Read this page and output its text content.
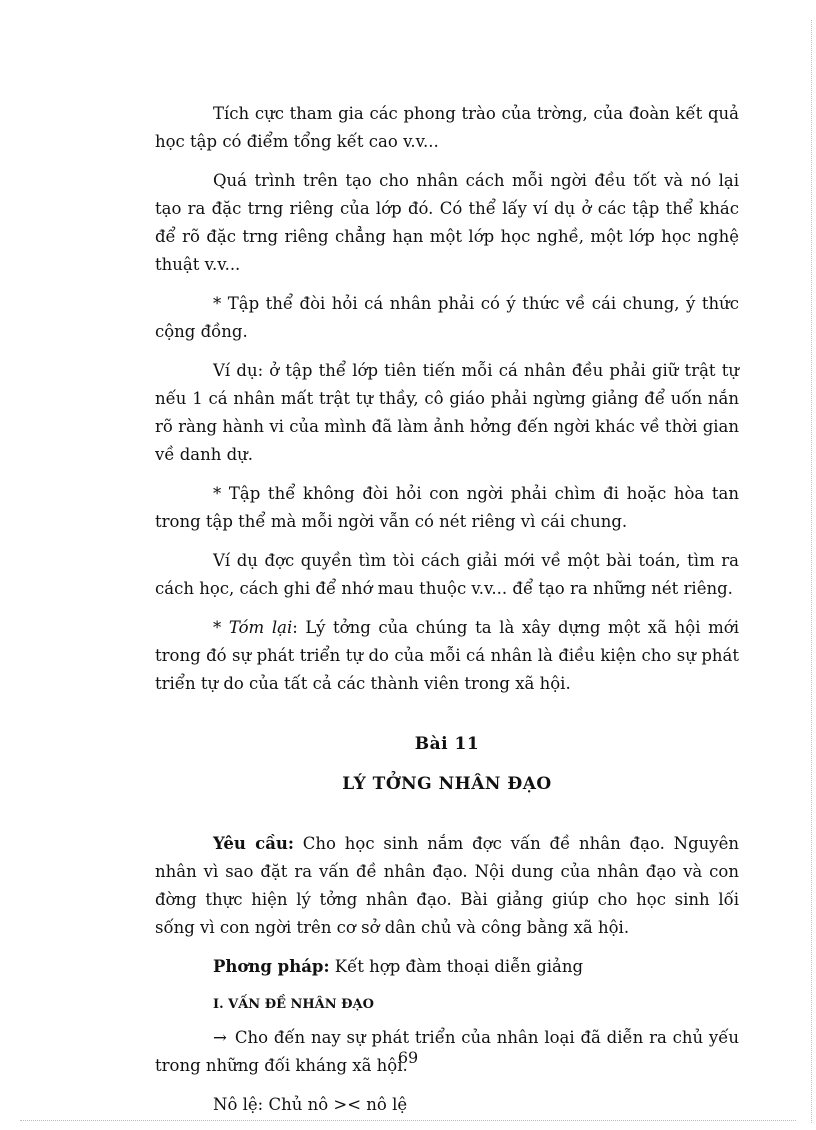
Tích cực tham gia các phong trào của trờng, của đoàn kết quả học tập có điểm tổng kết cao v.v...

Quá trình trên tạo cho nhân cách mỗi ngời đều tốt và nó lại tạo ra đặc trng riêng của lớp đó. Có thể lấy ví dụ ở các tập thể khác để rõ đặc trng riêng chẳng hạn một lớp học nghề, một lớp học nghệ thuật v.v...

* Tập thể đòi hỏi cá nhân phải có ý thức về cái chung, ý thức cộng đồng.

Ví dụ: ở tập thể lớp tiên tiến mỗi cá nhân đều phải giữ trật tự nếu 1 cá nhân mất trật tự thầy, cô giáo phải ngừng giảng để uốn nắn rõ ràng hành vi của mình đã làm ảnh hởng đến ngời khác về thời gian về danh dự.

* Tập thể không đòi hỏi con ngời phải chìm đi hoặc hòa tan trong tập thể mà mỗi ngời vẫn có nét riêng vì cái chung.

Ví dụ đợc quyền tìm tòi cách giải mới về một bài toán, tìm ra cách học, cách ghi để nhớ mau thuộc v.v... để tạo ra những nét riêng.

* Tóm lại: Lý tởng của chúng ta là xây dựng một xã hội mới trong đó sự phát triển tự do của mỗi cá nhân là điều kiện cho sự phát triển tự do của tất cả các thành viên trong xã hội.

Bài 11
LÝ TỞNG NHÂN ĐẠO

Yêu cầu: Cho học sinh nắm đợc vấn đề nhân đạo. Nguyên nhân vì sao đặt ra vấn đề nhân đạo. Nội dung của nhân đạo và con đờng thực hiện lý tởng nhân đạo. Bài giảng giúp cho học sinh lối sống vì con ngời trên cơ sở dân chủ và công bằng xã hội.

Phơng pháp: Kết hợp đàm thoại diễn giảng

I. VẤN ĐỀ NHÂN ĐẠO

→ Cho đến nay sự phát triển của nhân loại đã diễn ra chủ yếu trong những đối kháng xã hội.

Nô lệ: Chủ nô >< nô lệ

69
